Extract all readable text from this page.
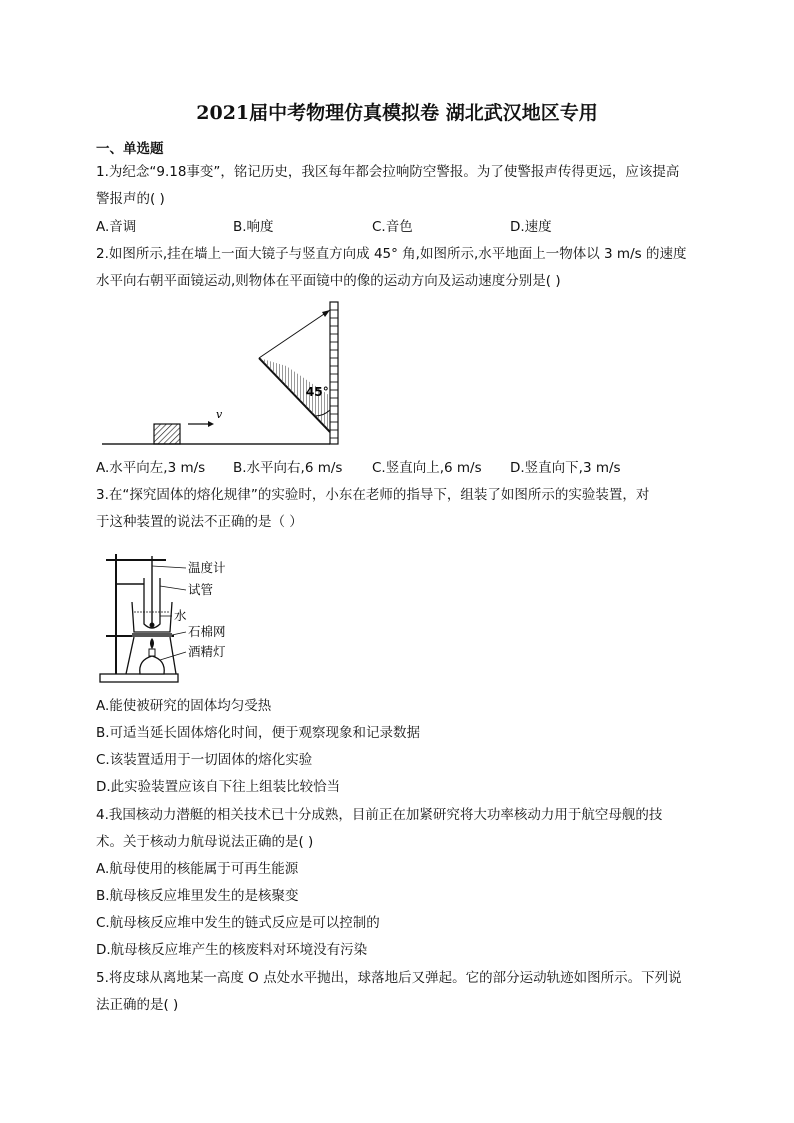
2021届中考物理仿真模拟卷 湖北武汉地区专用
一、单选题
1.为纪念“9.18事变”，铭记历史，我区每年都会拉响防空警报。为了使警报声传得更远，应该提高
警报声的( )
A.音调	B.响度	C.音色	D.速度
2.如图所示,挂在墙上一面大镜子与竖直方向成 45° 角,如图所示,水平地面上一物体以 3 m/s 的速度
水平向右朝平面镜运动,则物体在平面镜中的像的运动方向及运动速度分别是( )
v
45°
A.水平向左,3 m/s B.水平向右,6 m/s C.竖直向上,6 m/s D.竖直向下,3 m/s
3.在“探究固体的熔化规律”的实验时，小东在老师的指导下，组装了如图所示的实验装置，对
于这种装置的说法不正确的是（ ）
温度计
试管
水
石棉网
酒精灯
A.能使被研究的固体均匀受热
B.可适当延长固体熔化时间，便于观察现象和记录数据
C.该装置适用于一切固体的熔化实验
D.此实验装置应该自下往上组装比较恰当
4.我国核动力潜艇的相关技术已十分成熟，目前正在加紧研究将大功率核动力用于航空母舰的技
术。关于核动力航母说法正确的是( )
A.航母使用的核能属于可再生能源
B.航母核反应堆里发生的是核聚变
C.航母核反应堆中发生的链式反应是可以控制的
D.航母核反应堆产生的核废料对环境没有污染
5.将皮球从离地某一高度 O 点处水平抛出，球落地后又弹起。它的部分运动轨迹如图所示。下列说
法正确的是( )
